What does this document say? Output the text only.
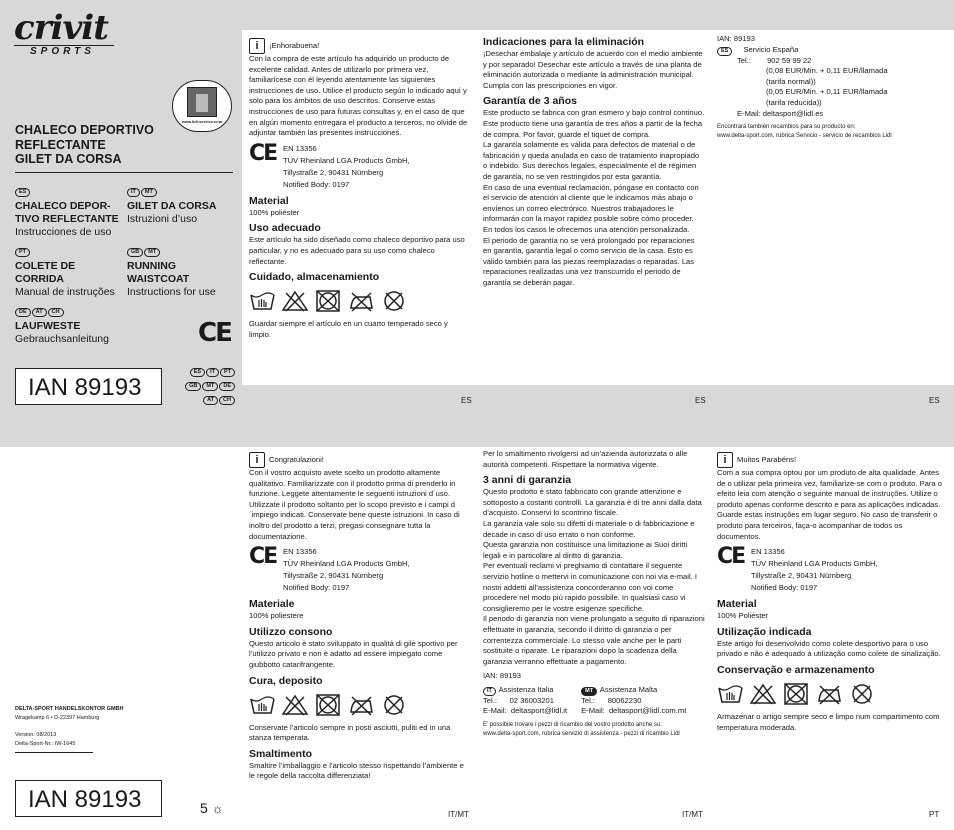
crivit
SPORTS
www.lidl-service.com
CHALECO DEPORTIVO
REFLECTANTE
GILET DA CORSA
ES
CHALECO DEPOR-
TIVO REFLECTANTE
Instrucciones de uso
IT MT
GILET DA CORSA
Istruzioni d’uso
PT
COLETE DE
CORRIDA
Manual de instruções
GB MT
RUNNING
WAISTCOAT
Instructions for use
DE AT CH
LAUFWESTE
Gebrauchsanleitung	CE
IAN 89193
ES IT PT
GB MT DE
AT CH
DELTA-SPORT HANDELSKONTOR GMBH
Wragekamp 6 • D-22397 Hamburg
Version: 08/2013
Delta-Sport-Nr.: IW-1645
IAN 89193	5 ☼

i ¡Enhorabuena!

Con la compra de este artículo ha adquirido un producto de excelente calidad. Antes de utilizarlo por primera vez, familiarícese con él leyendo atentamente las siguientes instrucciones de uso. Utilice el producto según lo indicado aquí y solo para los ámbitos de uso descritos. Conserve estas instrucciones de uso para futuras consultas y, en el caso de que en algún momento entregara el producto a terceros, no olvide de adjuntar también las presentes instrucciones.

CE EN 13356
TÜV Rheinland LGA Products GmbH,
Tillystraße 2, 90431 Nürnberg
Notified Body: 0197
Material

100% poliéster

Uso adecuado

Este artículo ha sido diseñado como chaleco deportivo para uso particular, y no es adecuado para su uso como chaleco reflectante.

Cuidado, almacenamiento

Guardar siempre el artículo en un cuarto temperado seco y limpio.

Indicaciones para la eliminación

¡Desechar embalaje y artículo de acuerdo con el medio ambiente y por separado! Desechar este artículo a través de una planta de eliminación autorizada o mediante la administración municipal. Cumpla con las prescripciones en vigor.

Garantía de 3 años

Este producto se fabrica con gran esmero y bajo control continuo. Este producto tiene una garantía de tres años a partir de la fecha de compra. Por favor, guarde el tiquet de compra.
La garantía solamente es válida para defectos de material o de fabricación y queda anulada en caso de tratamiento inapropiado o indebido. Sus derechos legales, especialmente el de régimen de garantía, no se ven restringidos por esta garantía.
En caso de una eventual reclamación, póngase en contacto con el servicio de atención al cliente que le indicamos más abajo o envíenos un correo electrónico. Nuestros trabajadores le informarán con la mayor rapidez posible sobre cómo proceder. En todos los casos le ofrecemos una atención personalizada.
El periodo de garantía no se verá prolongado por reparaciones en garantía, garantía legal o como servicio de la casa. Esto es válido también para las piezas reemplazadas o reparadas. Las reparaciones realizadas una vez transcurrido el periodo de garantía se deberán pagar.

IAN: 89193

ES Servicio España

Tel.: 902 59 99 22

(0,08 EUR/Min. + 0,11 EUR/llamada
(tarifa normal))
(0,05 EUR/Min. + 0,11 EUR/llamada
(tarifa reducida))

E-Mail: deltasport@lidl.es

Encontrará también recambios para su producto en:
www.delta-sport.com, rúbrica Servicio - servicio de recambios Lidl

ES	ES	ES

i Congratulazioni!

Con il vostro acquisto avete scelto un prodotto altamente qualitativo. Familiarizzate con il prodotto prima di prenderlo in funzione. Leggete attentamente le seguenti istruzioni d´uso. Utilizzate il prodotto soltanto per lo scopo previsto e i campi d´impiego indicati. Conservate bene queste istruzioni. In caso di inoltro del prodotto a terzi, pregasi consegnare tutta la documentazione.

CE EN 13356
TÜV Rheinland LGA Products GmbH,
Tillystraße 2, 90431 Nürnberg
Notified Body: 0197
Materiale

100% poliestere

Utilizzo consono

Questo articolo è stato sviluppato in qualità di gilè sportivo per l’utilizzo privato e non è adatto ad essere impiegato come giubbotto catarifrangente.

Cura, deposito

Conservate l’articolo sempre in posti asciutti, puliti ed in una stanza temperata.

Smaltimento

Smaltire l’imballaggio e l’articolo stesso rispettando l’ambiente e le regole della raccolta differenziata!

Per lo smaltimento rivolgersi ad un’azienda autorizzata o alle autorità competenti. Rispettare la normativa vigente.

3 anni di garanzia

Questo prodotto è stato fabbricato con grande attenzione e sottoposto a costanti controlli. La garanzia è di tre anni dalla data d’acquisto. Conservi lo scontrino fiscale.
La garanzia vale solo su difetti di materiale o di fabbricazione e decade in caso di uso errato o non conforme.
Questa garanzia non costituisce una limitazione ai Suoi diritti legali e in particolare al diritto di garanzia.
Per eventuali reclami vi preghiamo di contattare il seguente servizio hotline o mettervi in comunicazione con noi via e-mail. I nostri addetti all’assistenza concorderanno con voi come procedere nel modo più rapido possibile. In qualsiasi caso vi consiglieremo per le vostre esigenze specifiche.
Il periodo di garanzia non viene prolungato a seguito di riparazioni effettuate in garanzia, secondo il diritto di garanzia o per correntezza commerciale. Lo stesso vale anche per le parti sostituite o riparate. Le riparazioni dopo la scadenza della garanzia verranno effettuate a pagamento.

IAN: 89193

IT Assistenza Italia

Tel.:      02 36003201

E-Mail:  deltasport@lidl.it

MT Assistenza Malta

Tel.:      80062230

E-Mail:  deltasport@lidl.com.mt

E’ possibile trovare i pezzi di ricambio del vostro prodotto anche su:
www.delta-sport.com, rubrica servizio di assistenza - pezzi di ricambio Lidl

i Muitos Parabéns!

Com a sua compra optou por um produto de alta qualidade. Antes de o utilizar pela primeira vez, familiarize-se com o produto. Para o efeito leia com atenção o seguinte manual de instruções. Utilize o produto apenas conforme descrito e para as aplicações indicadas. Guarde estas instruções em lugar seguro. No caso de transferir o produto para terceiros, faça-o acompanhar de todos os documentos.

CE EN 13356
TÜV Rheinland LGA Products GmbH,
Tillystraße 2, 90431 Nürnberg
Notified Body: 0197
Material

100% Poliéster

Utilização indicada

Este artigo foi desenvolvido como colete desportivo para o uso privado e não é adequado à utilização como colete de sinalização.

Conservação e armazenamento

Armazenar o artigo sempre seco e limpo num compartimento com temperatura moderada.

IT/MT	IT/MT	PT
